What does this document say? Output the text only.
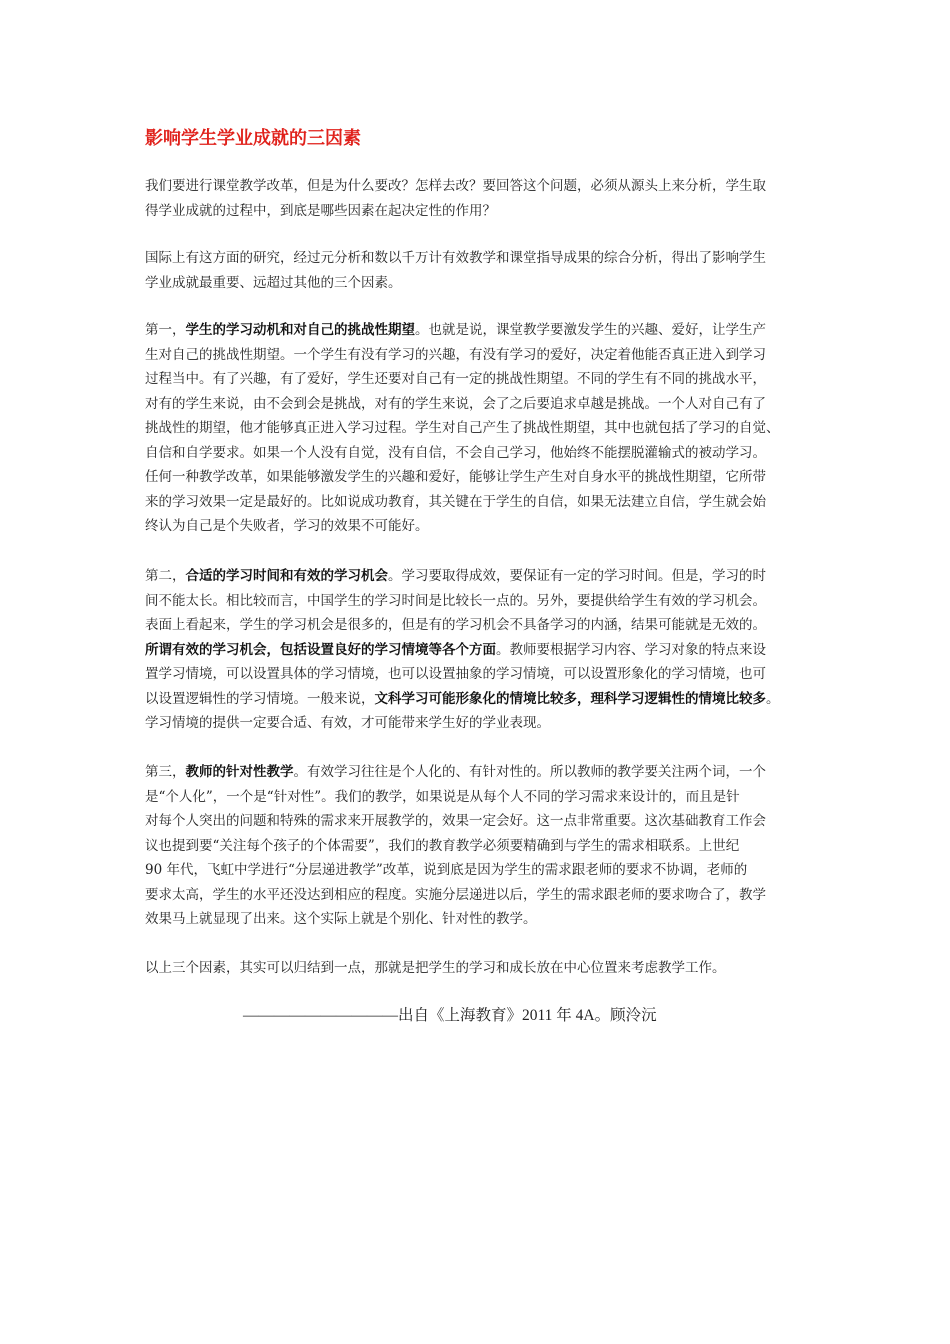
影响学生学业成就的三因素
我们要进行课堂教学改革，但是为什么要改？怎样去改？要回答这个问题，必须从源头上来分析，学生取
得学业成就的过程中，到底是哪些因素在起决定性的作用？
国际上有这方面的研究，经过元分析和数以千万计有效教学和课堂指导成果的综合分析，得出了影响学生
学业成就最重要、远超过其他的三个因素。
第一，学生的学习动机和对自己的挑战性期望。也就是说，课堂教学要激发学生的兴趣、爱好，让学生产
生对自己的挑战性期望。一个学生有没有学习的兴趣，有没有学习的爱好，决定着他能否真正进入到学习
过程当中。有了兴趣，有了爱好，学生还要对自己有一定的挑战性期望。不同的学生有不同的挑战水平，
对有的学生来说，由不会到会是挑战，对有的学生来说，会了之后要追求卓越是挑战。一个人对自己有了
挑战性的期望，他才能够真正进入学习过程。学生对自己产生了挑战性期望，其中也就包括了学习的自觉、
自信和自学要求。如果一个人没有自觉，没有自信，不会自己学习，他始终不能摆脱灌输式的被动学习。
任何一种教学改革，如果能够激发学生的兴趣和爱好，能够让学生产生对自身水平的挑战性期望，它所带
来的学习效果一定是最好的。比如说成功教育，其关键在于学生的自信，如果无法建立自信，学生就会始
终认为自己是个失败者，学习的效果不可能好。
第二，合适的学习时间和有效的学习机会。学习要取得成效，要保证有一定的学习时间。但是，学习的时
间不能太长。相比较而言，中国学生的学习时间是比较长一点的。另外，要提供给学生有效的学习机会。
表面上看起来，学生的学习机会是很多的，但是有的学习机会不具备学习的内涵，结果可能就是无效的。
所谓有效的学习机会，包括设置良好的学习情境等各个方面。教师要根据学习内容、学习对象的特点来设
置学习情境，可以设置具体的学习情境，也可以设置抽象的学习情境，可以设置形象化的学习情境，也可
以设置逻辑性的学习情境。一般来说，文科学习可能形象化的情境比较多，理科学习逻辑性的情境比较多。
学习情境的提供一定要合适、有效，才可能带来学生好的学业表现。
第三，教师的针对性教学。有效学习往往是个人化的、有针对性的。所以教师的教学要关注两个词，一个
是“个人化”，一个是“针对性”。我们的教学，如果说是从每个人不同的学习需求来设计的，而且是针
对每个人突出的问题和特殊的需求来开展教学的，效果一定会好。这一点非常重要。这次基础教育工作会
议也提到要“关注每个孩子的个体需要”，我们的教育教学必须要精确到与学生的需求相联系。上世纪
90 年代，飞虹中学进行“分层递进教学”改革，说到底是因为学生的需求跟老师的要求不协调，老师的
要求太高，学生的水平还没达到相应的程度。实施分层递进以后，学生的需求跟老师的要求吻合了，教学
效果马上就显现了出来。这个实际上就是个别化、针对性的教学。
以上三个因素，其实可以归结到一点，那就是把学生的学习和成长放在中心位置来考虑教学工作。
——————————出自《上海教育》2011 年 4A。顾泠沅
